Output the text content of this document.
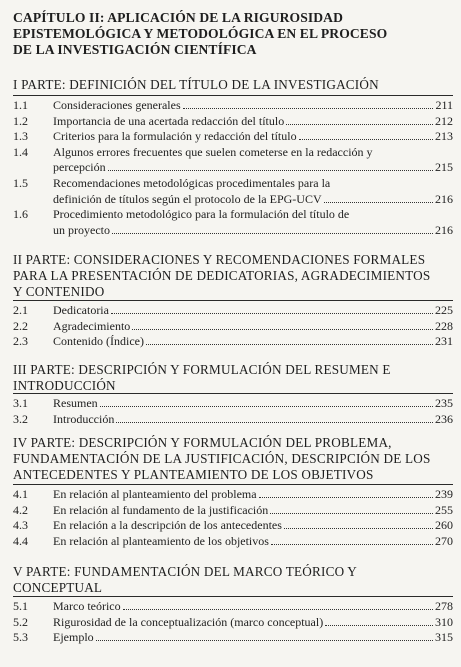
CAPÍTULO II: APLICACIÓN DE LA RIGUROSIDAD
EPISTEMOLÓGICA Y METODOLÓGICA EN EL PROCESO
DE LA INVESTIGACIÓN CIENTÍFICA
I PARTE: DEFINICIÓN DEL TÍTULO DE LA INVESTIGACIÓN
1.1	Consideraciones generales	211
1.2	Importancia de una acertada redacción del título	212
1.3	Criterios para la formulación y redacción del título	213
1.4	Algunos errores frecuentes que suelen cometerse en la redacción y
percepción	215
1.5	Recomendaciones metodológicas procedimentales para la
definición de títulos según el protocolo de la EPG-UCV	216
1.6	Procedimiento metodológico para la formulación del título de
un proyecto	216
II PARTE: CONSIDERACIONES Y RECOMENDACIONES FORMALES
PARA LA PRESENTACIÓN DE DEDICATORIAS, AGRADECIMIENTOS
Y CONTENIDO
2.1	Dedicatoria	225
2.2	Agradecimiento	228
2.3	Contenido (Índice)	231
III PARTE: DESCRIPCIÓN Y FORMULACIÓN DEL RESUMEN E
INTRODUCCIÓN
3.1	Resumen	235
3.2	Introducción	236
IV PARTE: DESCRIPCIÓN Y FORMULACIÓN DEL PROBLEMA,
FUNDAMENTACIÓN DE LA JUSTIFICACIÓN, DESCRIPCIÓN DE LOS
ANTECEDENTES Y PLANTEAMIENTO DE LOS OBJETIVOS
4.1	En relación al planteamiento del problema	239
4.2	En relación al fundamento de la justificación	255
4.3	En relación a la descripción de los antecedentes	260
4.4	En relación al planteamiento de los objetivos	270
V PARTE: FUNDAMENTACIÓN DEL MARCO TEÓRICO Y
CONCEPTUAL
5.1	Marco teórico	278
5.2	Rigurosidad de la conceptualización (marco conceptual)	310
5.3	Ejemplo	315
